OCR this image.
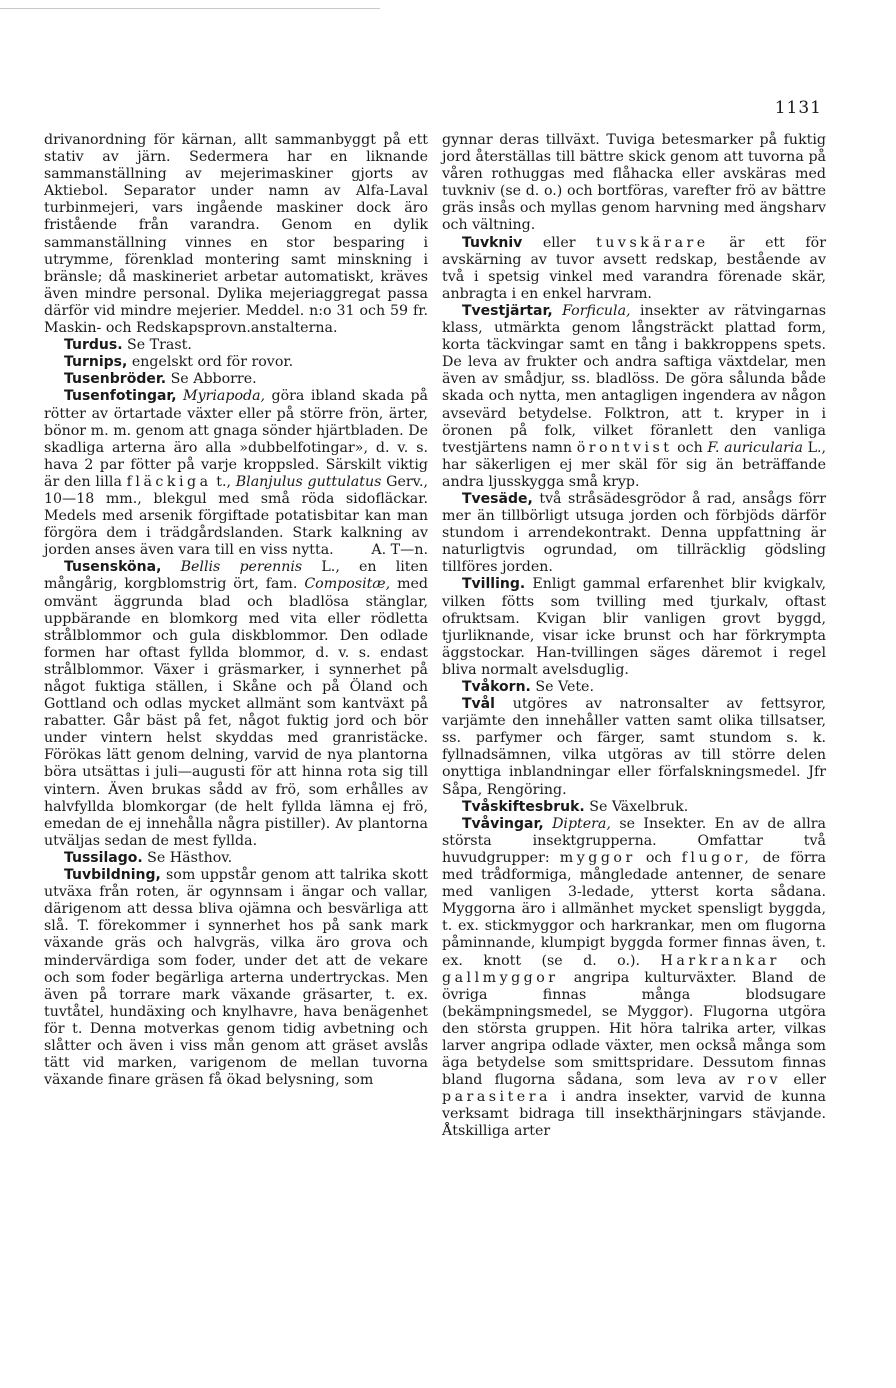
1131

drivanordning för kärnan, allt sammanbyggt på ett stativ av järn. Sedermera har en liknande sammanställning av mejerimaskiner gjorts av Aktiebol. Separator under namn av Alfa-Laval turbinmejeri, vars ingående maskiner dock äro fristående från varandra. Genom en dylik sammanställning vinnes en stor besparing i utrymme, förenklad montering samt minskning i bränsle; då maskineriet arbetar automatiskt, kräves även mindre personal. Dylika mejeriaggregat passa därför vid mindre mejerier. Meddel. n:o 31 och 59 fr. Maskin- och Redskapsprovn.anstalterna.

Turdus. Se Trast.

Turnips, engelskt ord för rovor.

Tusenbröder. Se Abborre.

Tusenfotingar, Myriapoda, göra ibland skada på rötter av örtartade växter eller på större frön, ärter, bönor m. m. genom att gnaga sönder hjärtbladen. De skadliga arterna äro alla »dubbelfotingar», d. v. s. hava 2 par fötter på varje kroppsled. Särskilt viktig är den lilla fläckiga t., Blanjulus guttulatus Gerv., 10—18 mm., blekgul med små röda sidofläckar. Medels med arsenik förgiftade potatisbitar kan man förgöra dem i trädgårdslanden. Stark kalkning av jorden anses även vara till en viss nytta.	A. T—n.

Tusensköna, Bellis perennis L., en liten mångårig, korgblomstrig ört, fam. Compositæ, med omvänt äggrunda blad och bladlösa stänglar, uppbärande en blomkorg med vita eller rödletta strålblommor och gula diskblommor. Den odlade formen har oftast fyllda blommor, d. v. s. endast strålblommor. Växer i gräsmarker, i synnerhet på något fuktiga ställen, i Skåne och på Öland och Gottland och odlas mycket allmänt som kantväxt på rabatter. Går bäst på fet, något fuktig jord och bör under vintern helst skyddas med granristäcke. Förökas lätt genom delning, varvid de nya plantorna böra utsättas i juli—augusti för att hinna rota sig till vintern. Även brukas sådd av frö, som erhålles av halvfyllda blomkorgar (de helt fyllda lämna ej frö, emedan de ej innehålla några pistiller). Av plantorna utväljas sedan de mest fyllda.

Tussilago. Se Hästhov.

Tuvbildning, som uppstår genom att talrika skott utväxa från roten, är ogynnsam i ängar och vallar, därigenom att dessa bliva ojämna och besvärliga att slå. T. förekommer i synnerhet hos på sank mark växande gräs och halvgräs, vilka äro grova och mindervärdiga som foder, under det att de vekare och som foder begärliga arterna undertryckas. Men även på torrare mark växande gräsarter, t. ex. tuvtåtel, hundäxing och knylhavre, hava benägenhet för t. Denna motverkas genom tidig avbetning och slåtter och även i viss mån genom att gräset avslås tätt vid marken, varigenom de mellan tuvorna växande finare gräsen få ökad belysning, som

gynnar deras tillväxt. Tuviga betesmarker på fuktig jord återställas till bättre skick genom att tuvorna på våren rothuggas med flåhacka eller avskäras med tuvkniv (se d. o.) och bortföras, varefter frö av bättre gräs insås och myllas genom harvning med ängsharv och vältning.

Tuvkniv eller tuvskärare är ett för avskärning av tuvor avsett redskap, bestående av två i spetsig vinkel med varandra förenade skär, anbragta i en enkel harvram.

Tvestjärtar, Forficula, insekter av rätvingarnas klass, utmärkta genom långsträckt plattad form, korta täckvingar samt en tång i bakkroppens spets. De leva av frukter och andra saftiga växtdelar, men även av smådjur, ss. bladlöss. De göra sålunda både skada och nytta, men antagligen ingendera av någon avsevärd betydelse. Folktron, att t. kryper in i öronen på folk, vilket föranlett den vanliga tvestjärtens namn örontvist och F. auricularia L., har säkerligen ej mer skäl för sig än beträffande andra ljusskygga små kryp.

Tvesäde, två stråsädesgrödor å rad, ansågs förr mer än tillbörligt utsuga jorden och förbjöds därför stundom i arrendekontrakt. Denna uppfattning är naturligtvis ogrundad, om tillräcklig gödsling tillföres jorden.

Tvilling. Enligt gammal erfarenhet blir kvigkalv, vilken fötts som tvilling med tjurkalv, oftast ofruktsam. Kvigan blir vanligen grovt byggd, tjurliknande, visar icke brunst och har förkrympta äggstockar. Han-tvillingen säges däremot i regel bliva normalt avelsduglig.

Tvåkorn. Se Vete.

Tvål utgöres av natronsalter av fettsyror, varjämte den innehåller vatten samt olika tillsatser, ss. parfymer och färger, samt stundom s. k. fyllnadsämnen, vilka utgöras av till större delen onyttiga inblandningar eller förfalskningsmedel. Jfr Såpa, Rengöring.

Tvåskiftesbruk. Se Växelbruk.

Tvåvingar, Diptera, se Insekter. En av de allra största insektgrupperna. Omfattar två huvudgrupper: myggor och flugor, de förra med trådformiga, mångledade antenner, de senare med vanligen 3-ledade, ytterst korta sådana. Myggorna äro i allmänhet mycket spensligt byggda, t. ex. stickmyggor och harkrankar, men om flugorna påminnande, klumpigt byggda former finnas även, t. ex. knott (se d. o.). Harkrankar och gallmyggor angripa kulturväxter. Bland de övriga finnas många blodsugare (bekämpningsmedel, se Myggor). Flugorna utgöra den största gruppen. Hit höra talrika arter, vilkas larver angripa odlade växter, men också många som äga betydelse som smittspridare. Dessutom finnas bland flugorna sådana, som leva av rov eller parasitera i andra insekter, varvid de kunna verksamt bidraga till insekthärjningars stävjande. Åtskilliga arter
